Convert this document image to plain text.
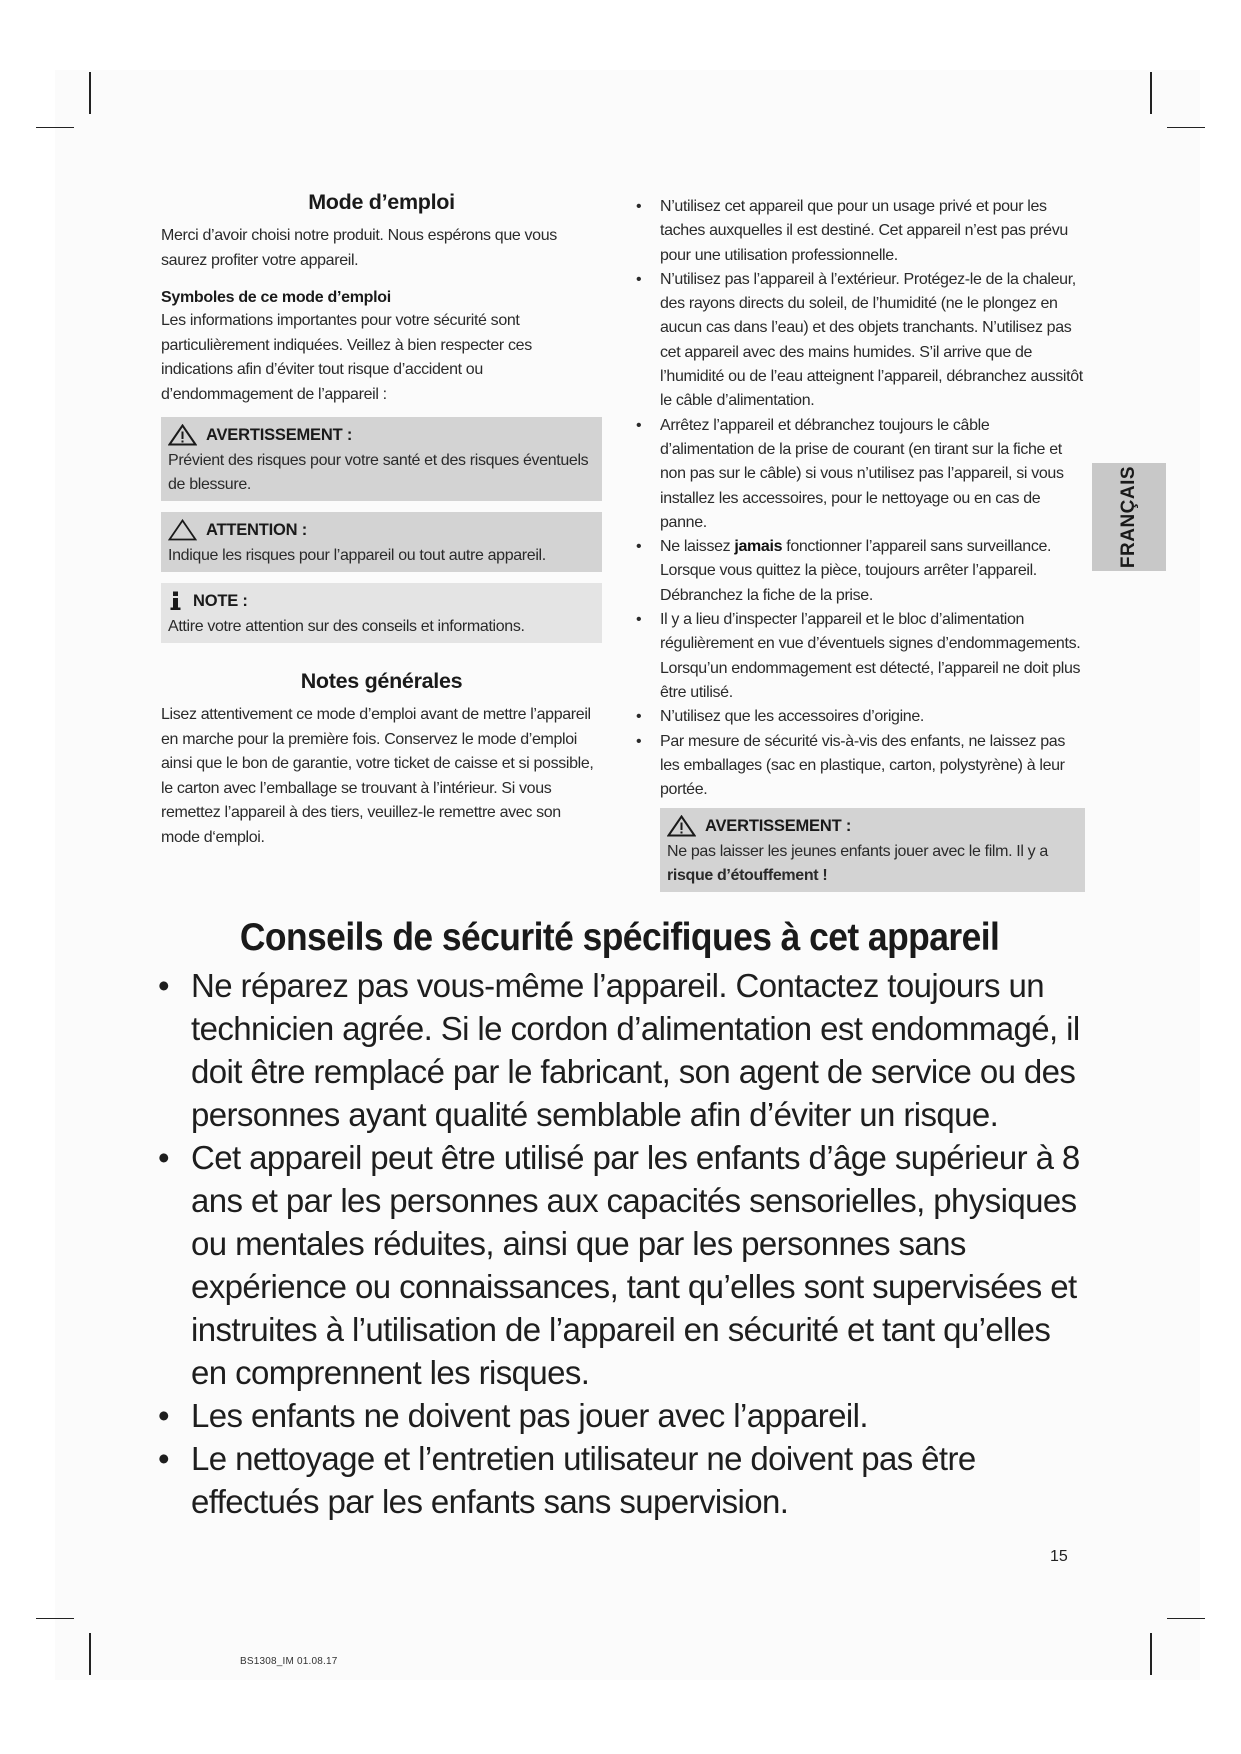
Mode d’emploi

Merci d’avoir choisi notre produit. Nous espérons que vous saurez profiter votre appareil.

Symboles de ce mode d’emploi

Les informations importantes pour votre sécurité sont particulièrement indiquées. Veillez à bien respecter ces indications afin d’éviter tout risque d’accident ou d’endommagement de l’appareil :

AVERTISSEMENT :
Prévient des risques pour votre santé et des risques éventuels de blessure.
ATTENTION :
Indique les risques pour l’appareil ou tout autre appareil.
NOTE :
Attire votre attention sur des conseils et informations.
Notes générales

Lisez attentivement ce mode d’emploi avant de mettre l’appareil en marche pour la première fois. Conservez le mode d’emploi ainsi que le bon de garantie, votre ticket de caisse et si possible, le carton avec l’emballage se trouvant à l’intérieur. Si vous remettez l’appareil à des tiers, veuillez-le remettre avec son mode d‘emploi.

• N’utilisez cet appareil que pour un usage privé et pour les taches auxquelles il est destiné. Cet appareil n’est pas prévu pour une utilisation professionnelle.
• N’utilisez pas l’appareil à l’extérieur. Protégez-le de la chaleur, des rayons directs du soleil, de l’humidité (ne le plongez en aucun cas dans l’eau) et des objets tranchants. N’utilisez pas cet appareil avec des mains humides. S’il arrive que de l’humidité ou de l’eau atteignent l’appareil, débranchez aussitôt le câble d’alimentation.
• Arrêtez l’appareil et débranchez toujours le câble d’alimentation de la prise de courant (en tirant sur la fiche et non pas sur le câble) si vous n’utilisez pas l’appareil, si vous installez les accessoires, pour le nettoyage ou en cas de panne.
• Ne laissez jamais fonctionner l’appareil sans surveillance. Lorsque vous quittez la pièce, toujours arrêter l’appareil. Débranchez la fiche de la prise.
• Il y a lieu d’inspecter l’appareil et le bloc d’alimentation régulièrement en vue d’éventuels signes d’endommagements. Lorsqu’un endommagement est détecté, l’appareil ne doit plus être utilisé.
• N’utilisez que les accessoires d’origine.
• Par mesure de sécurité vis-à-vis des enfants, ne laissez pas les emballages (sac en plastique, carton, polystyrène) à leur portée.
AVERTISSEMENT :
Ne pas laisser les jeunes enfants jouer avec le film. Il y a risque d’étouffement !
FRANÇAIS
Conseils de sécurité spécifiques à cet appareil
• Ne réparez pas vous-même l’appareil. Contactez toujours un technicien agrée. Si le cordon d’alimentation est endommagé, il doit être remplacé par le fabricant, son agent de service ou des personnes ayant qualité semblable afin d’éviter un risque.
• Cet appareil peut être utilisé par les enfants d’âge supérieur à 8 ans et par les personnes aux capacités sensorielles, physiques ou mentales réduites, ainsi que par les personnes sans expérience ou connaissances, tant qu’elles sont supervisées et instruites à l’utilisation de l’appareil en sécurité et tant qu’elles en comprennent les risques.
• Les enfants ne doivent pas jouer avec l’appareil.
• Le nettoyage et l’entretien utilisateur ne doivent pas être effectués par les enfants sans supervision.
15
BS1308_IM 01.08.17
